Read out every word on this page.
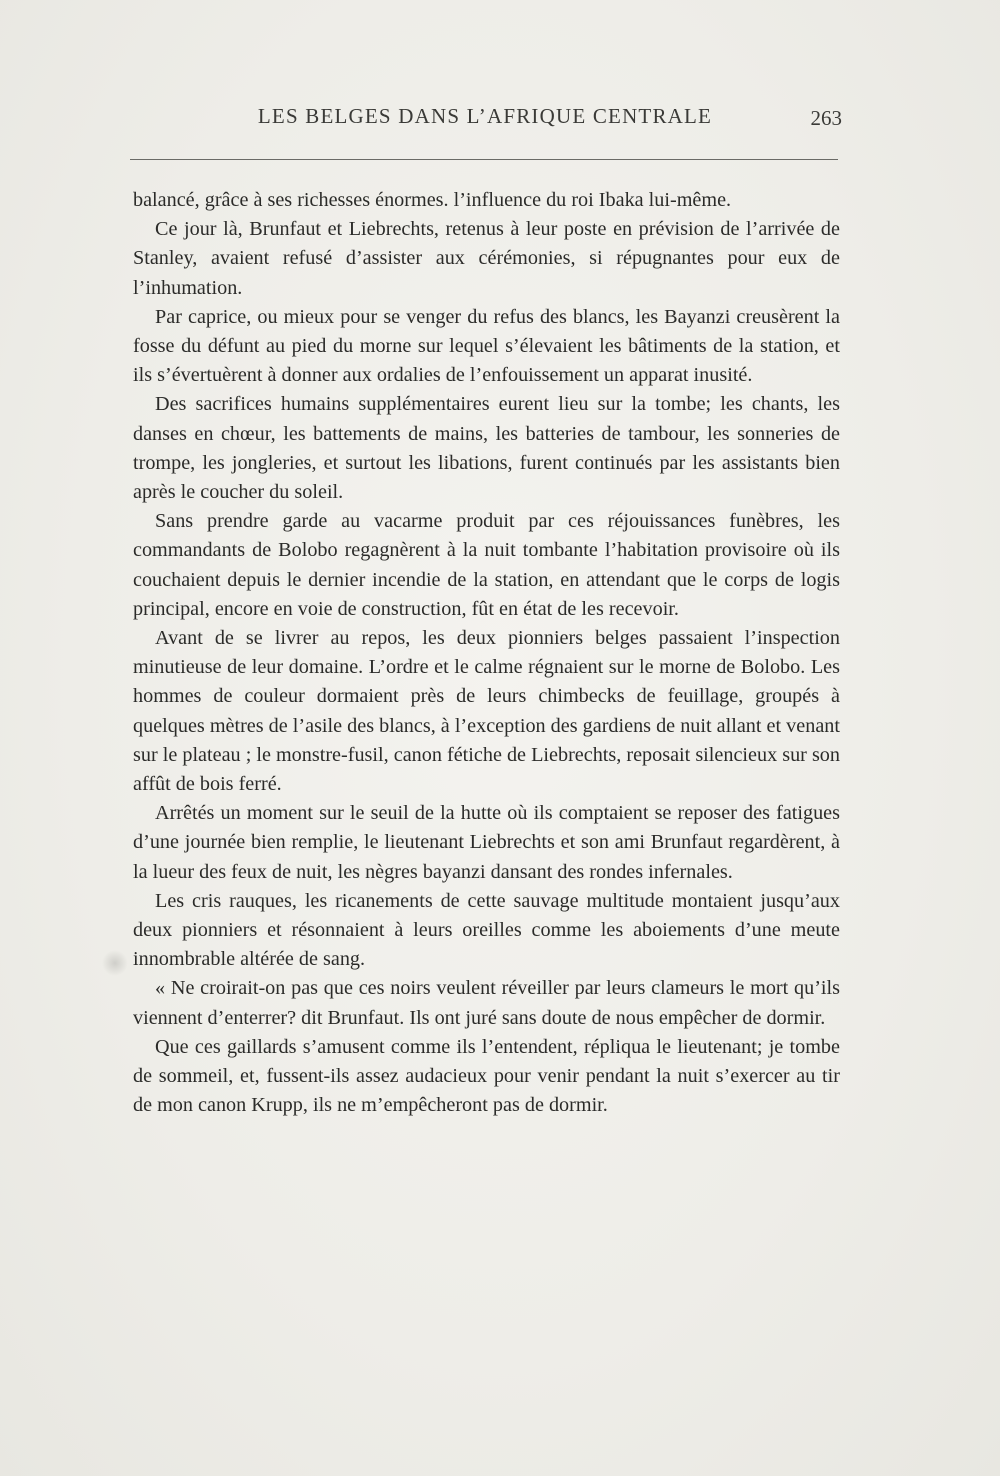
LES BELGES DANS L’AFRIQUE CENTRALE	263

balancé, grâce à ses richesses énormes. l’influence du roi Ibaka lui-même.

Ce jour là, Brunfaut et Liebrechts, retenus à leur poste en prévision de l’arrivée de Stanley, avaient refusé d’assister aux cérémonies, si répugnantes pour eux de l’inhumation.

Par caprice, ou mieux pour se venger du refus des blancs, les Bayanzi creusèrent la fosse du défunt au pied du morne sur lequel s’élevaient les bâtiments de la station, et ils s’évertuèrent à donner aux ordalies de l’enfouissement un apparat inusité.

Des sacrifices humains supplémentaires eurent lieu sur la tombe; les chants, les danses en chœur, les battements de mains, les batteries de tambour, les sonneries de trompe, les jongleries, et surtout les libations, furent continués par les assistants bien après le coucher du soleil.

Sans prendre garde au vacarme produit par ces réjouissances funèbres, les commandants de Bolobo regagnèrent à la nuit tombante l’habitation provisoire où ils couchaient depuis le dernier incendie de la station, en attendant que le corps de logis principal, encore en voie de construction, fût en état de les recevoir.

Avant de se livrer au repos, les deux pionniers belges passaient l’inspection minutieuse de leur domaine. L’ordre et le calme régnaient sur le morne de Bolobo. Les hommes de couleur dormaient près de leurs chimbecks de feuillage, groupés à quelques mètres de l’asile des blancs, à l’exception des gardiens de nuit allant et venant sur le plateau ; le monstre-fusil, canon fétiche de Liebrechts, reposait silencieux sur son affût de bois ferré.

Arrêtés un moment sur le seuil de la hutte où ils comptaient se reposer des fatigues d’une journée bien remplie, le lieutenant Liebrechts et son ami Brunfaut regardèrent, à la lueur des feux de nuit, les nègres bayanzi dansant des rondes infernales.

Les cris rauques, les ricanements de cette sauvage multitude montaient jusqu’aux deux pionniers et résonnaient à leurs oreilles comme les aboiements d’une meute innombrable altérée de sang.

« Ne croirait-on pas que ces noirs veulent réveiller par leurs clameurs le mort qu’ils viennent d’enterrer? dit Brunfaut. Ils ont juré sans doute de nous empêcher de dormir.

Que ces gaillards s’amusent comme ils l’entendent, répliqua le lieutenant; je tombe de sommeil, et, fussent-ils assez audacieux pour venir pendant la nuit s’exercer au tir de mon canon Krupp, ils ne m’empêcheront pas de dormir.
